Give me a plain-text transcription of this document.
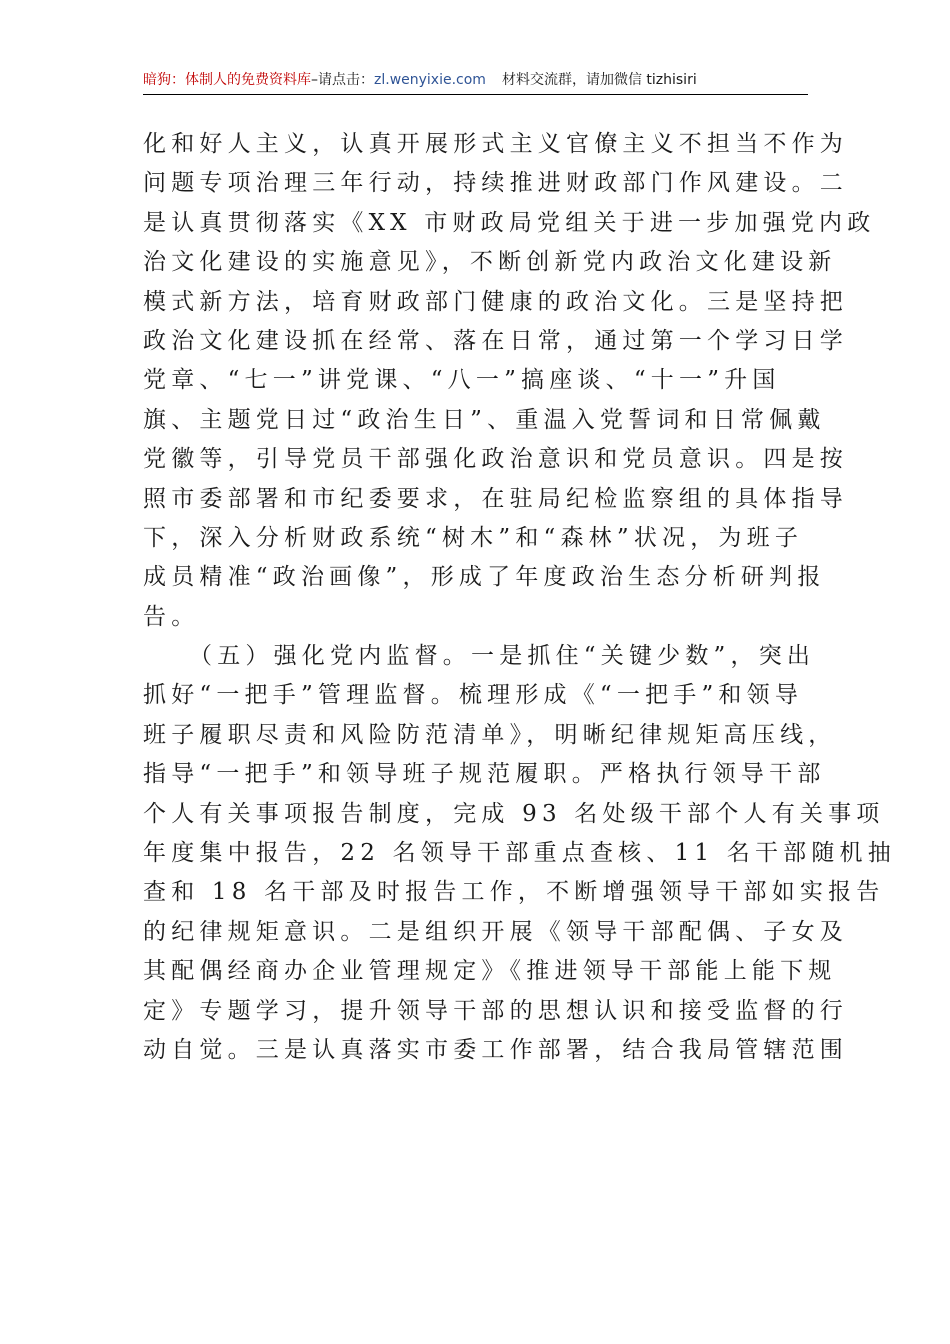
暗狗：体制人的免费资料库–请点击：zl.wenyixie.com 材料交流群，请加微信 tizhisiri
化和好人主义，认真开展形式主义官僚主义不担当不作为
问题专项治理三年行动，持续推进财政部门作风建设。二
是认真贯彻落实《XX 市财政局党组关于进一步加强党内政
治文化建设的实施意见》，不断创新党内政治文化建设新
模式新方法，培育财政部门健康的政治文化。三是坚持把
政治文化建设抓在经常、落在日常，通过第一个学习日学
党章、“七一”讲党课、“八一”搞座谈、“十一”升国
旗、主题党日过“政治生日”、重温入党誓词和日常佩戴
党徽等，引导党员干部强化政治意识和党员意识。四是按
照市委部署和市纪委要求，在驻局纪检监察组的具体指导
下，深入分析财政系统“树木”和“森林”状况，为班子
成员精准“政治画像”，形成了年度政治生态分析研判报
告。
（五）强化党内监督。一是抓住“关键少数”，突出
抓好“一把手”管理监督。梳理形成《“一把手”和领导
班子履职尽责和风险防范清单》，明晰纪律规矩高压线，
指导“一把手”和领导班子规范履职。严格执行领导干部
个人有关事项报告制度，完成 93 名处级干部个人有关事项
年度集中报告，22 名领导干部重点查核、11 名干部随机抽
查和 18 名干部及时报告工作，不断增强领导干部如实报告
的纪律规矩意识。二是组织开展《领导干部配偶、子女及
其配偶经商办企业管理规定》《推进领导干部能上能下规
定》专题学习，提升领导干部的思想认识和接受监督的行
动自觉。三是认真落实市委工作部署，结合我局管辖范围
